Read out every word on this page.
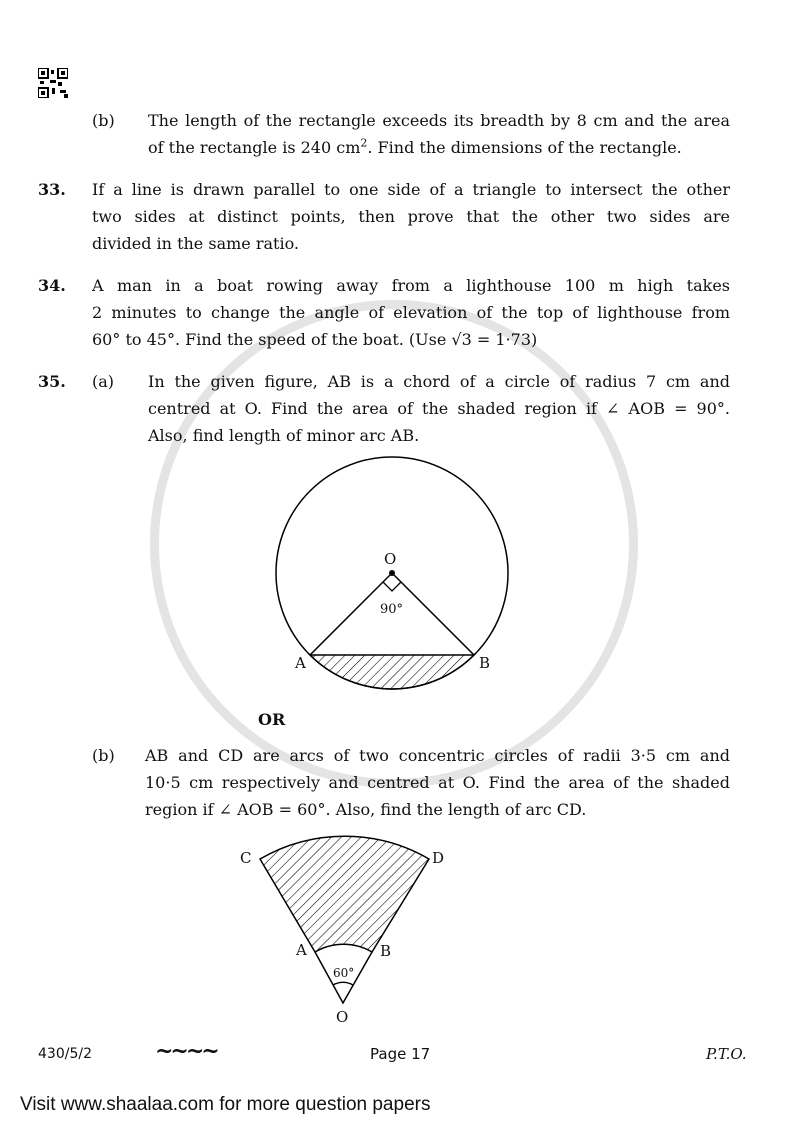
(b) The length of the rectangle exceeds its breadth by 8 cm and the area
of the rectangle is 240 $cm^2$. Find the dimensions of the rectangle.
33. If a line is drawn parallel to one side of a triangle to intersect the other
two sides at distinct points, then prove that the other two sides are
divided in the same ratio.
34. A man in a boat rowing away from a lighthouse 100 m high takes
2 minutes to change the angle of elevation of the top of lighthouse from
60° to 45°. Find the speed of the boat. (Use √3 = 1·73)
35. (a) In the given figure, AB is a chord of a circle of radius 7 cm and
centred at O. Find the area of the shaded region if ∠ AOB = 90°.
Also, find length of minor arc AB.
O
90°
A	B
OR
(b) AB and CD are arcs of two concentric circles of radii 3·5 cm and
10·5 cm respectively and centred at O. Find the area of the shaded
region if ∠ AOB = 60°. Also, find the length of arc CD.
C	D
A	B
60°
O
430/5/2	~~~~	Page 17	P.T.O.
Visit www.shaalaa.com for more question papers
